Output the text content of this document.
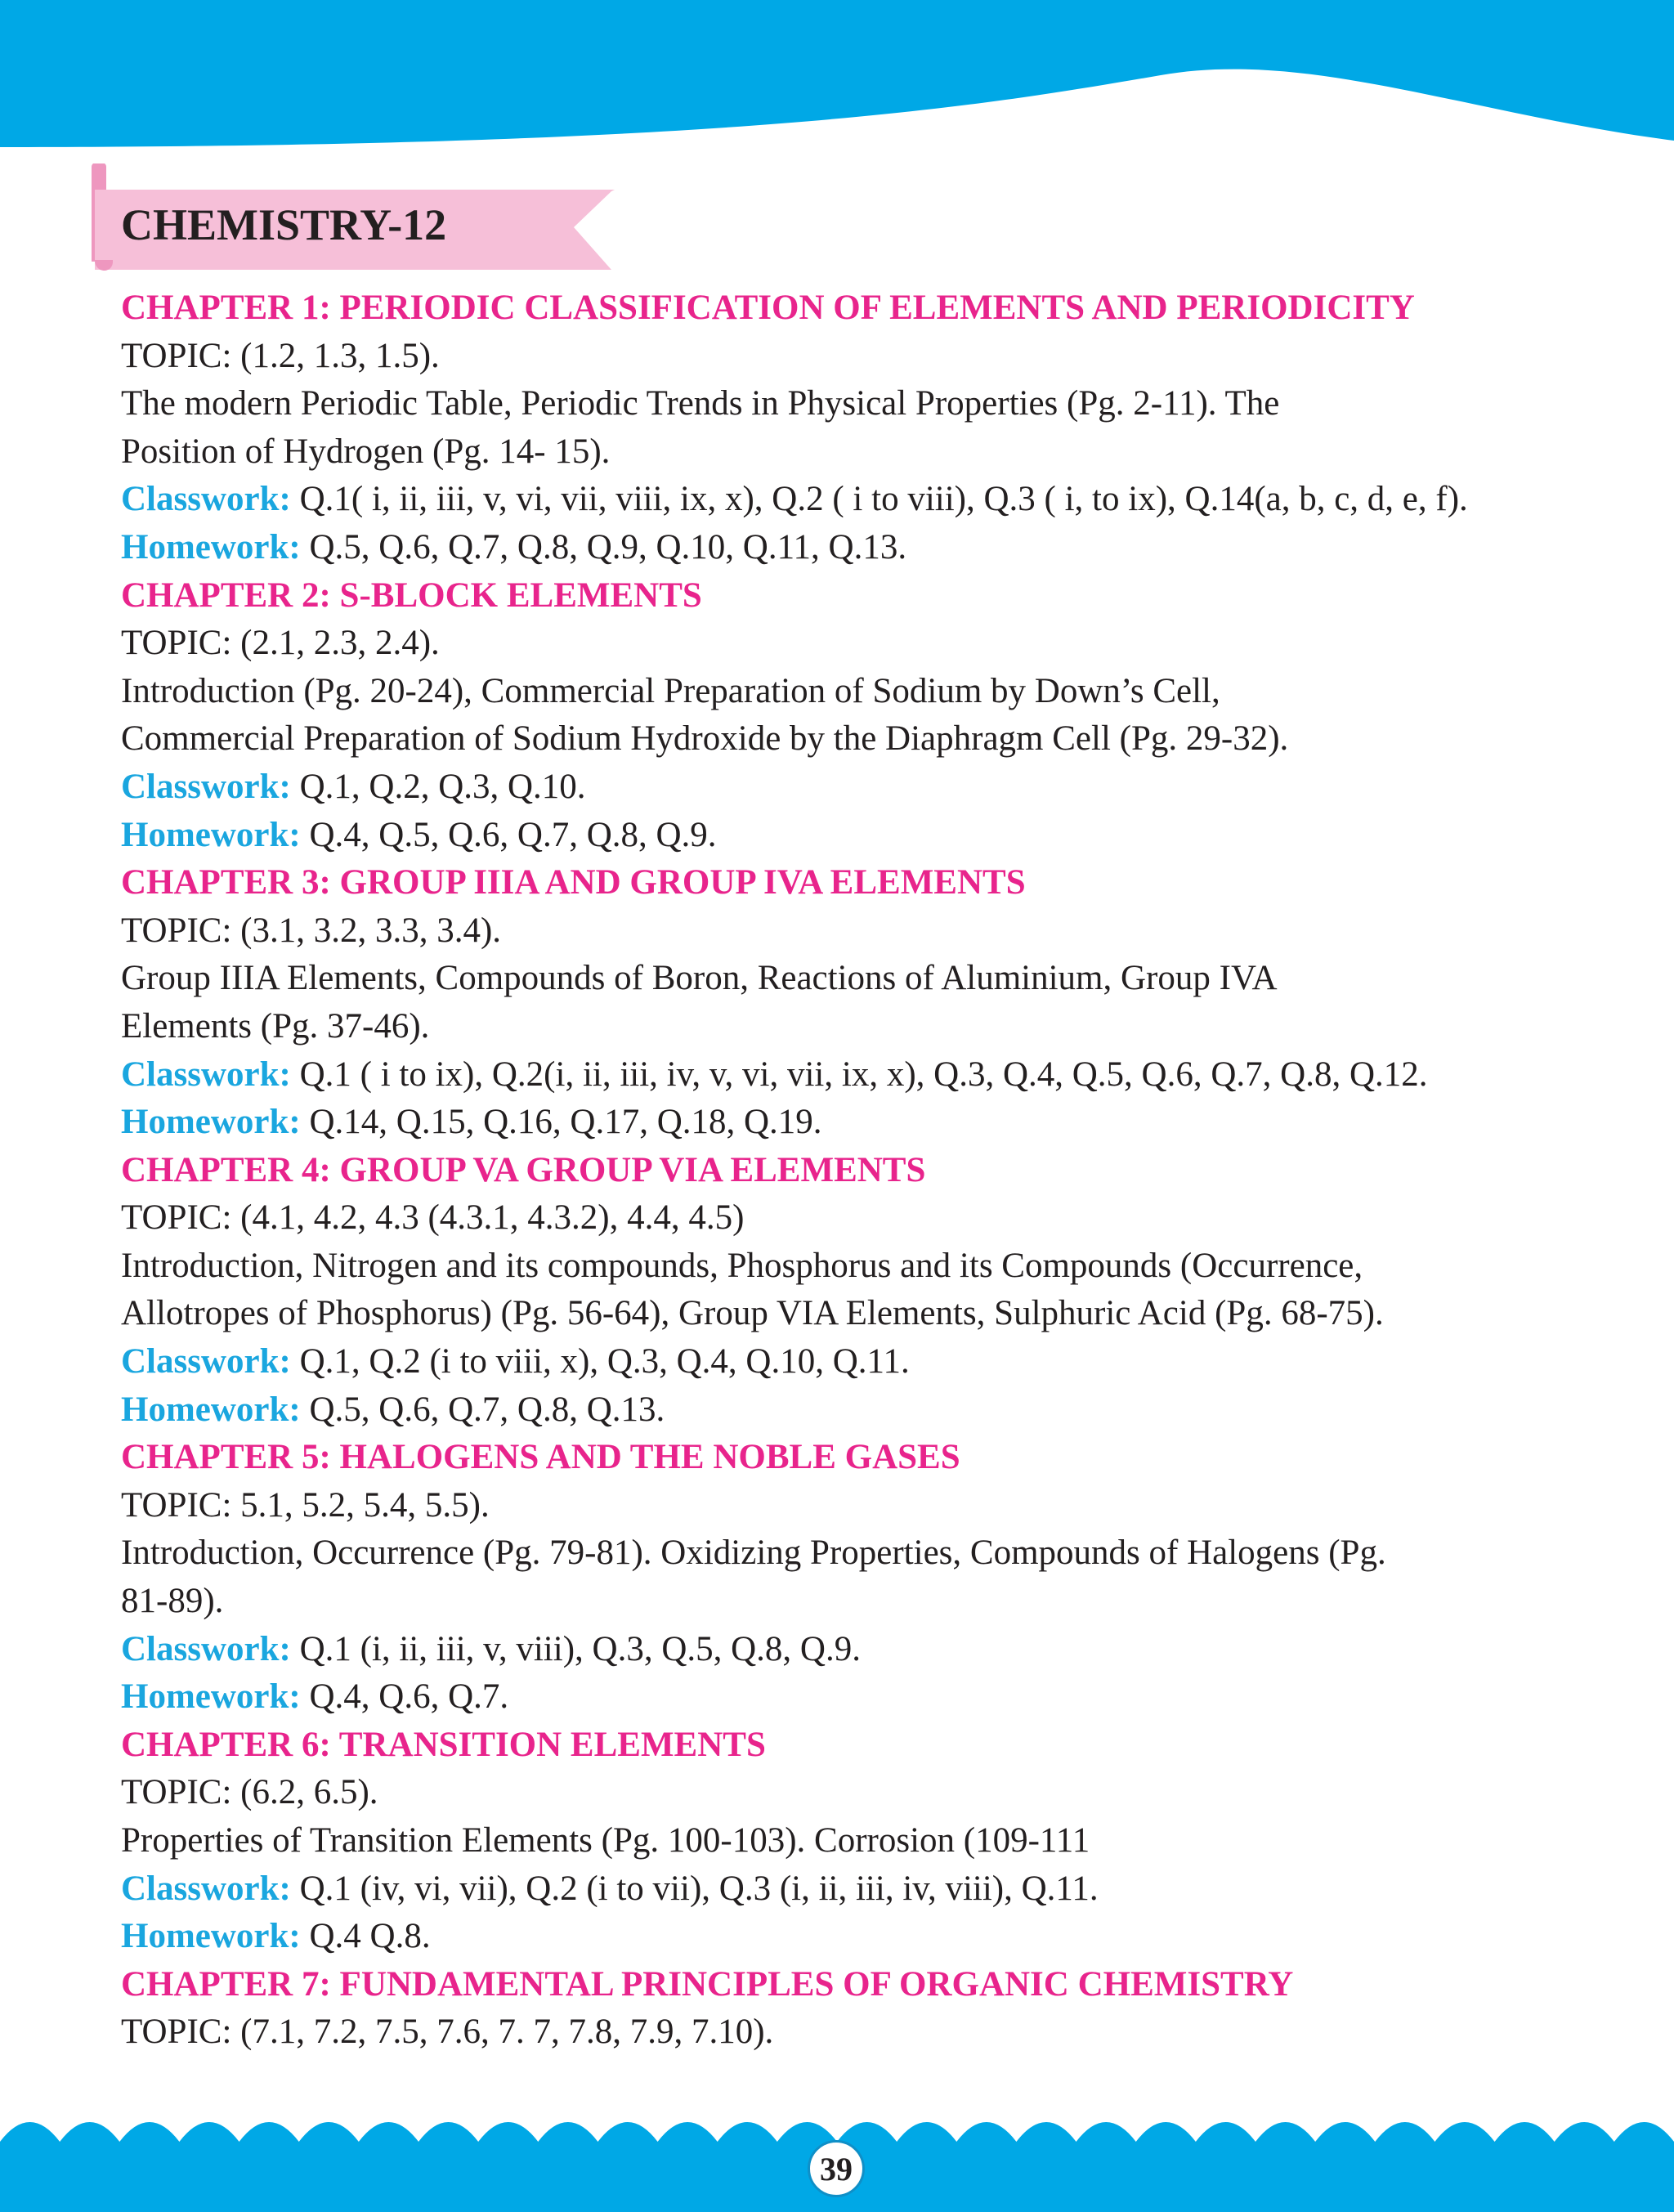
CHEMISTRY-12
CHAPTER 1: PERIODIC CLASSIFICATION OF ELEMENTS AND PERIODICITY
TOPIC: (1.2, 1.3, 1.5).
The modern Periodic Table, Periodic Trends in Physical Properties (Pg. 2-11). The
Position of Hydrogen (Pg. 14- 15).
Classwork: Q.1( i, ii, iii, v, vi, vii, viii, ix, x), Q.2 ( i to viii), Q.3 ( i, to ix), Q.14(a, b, c, d, e, f).
Homework: Q.5, Q.6, Q.7, Q.8, Q.9, Q.10, Q.11, Q.13.
CHAPTER 2: S-BLOCK ELEMENTS
TOPIC: (2.1, 2.3, 2.4).
Introduction (Pg. 20-24), Commercial Preparation of Sodium by Down’s Cell,
Commercial Preparation of Sodium Hydroxide by the Diaphragm Cell (Pg. 29-32).
Classwork: Q.1, Q.2, Q.3, Q.10.
Homework: Q.4, Q.5, Q.6, Q.7, Q.8, Q.9.
CHAPTER 3: GROUP IIIA AND GROUP IVA ELEMENTS
TOPIC: (3.1, 3.2, 3.3, 3.4).
Group IIIA Elements, Compounds of Boron, Reactions of Aluminium, Group IVA
Elements (Pg. 37-46).
Classwork: Q.1 ( i to ix), Q.2(i, ii, iii, iv, v, vi, vii, ix, x), Q.3, Q.4, Q.5, Q.6, Q.7, Q.8, Q.12.
Homework: Q.14, Q.15, Q.16, Q.17, Q.18, Q.19.
CHAPTER 4: GROUP VA GROUP VIA ELEMENTS
TOPIC: (4.1, 4.2, 4.3 (4.3.1, 4.3.2), 4.4, 4.5)
Introduction, Nitrogen and its compounds, Phosphorus and its Compounds (Occurrence,
Allotropes of Phosphorus) (Pg. 56-64), Group VIA Elements, Sulphuric Acid (Pg. 68-75).
Classwork: Q.1, Q.2 (i to viii, x), Q.3, Q.4, Q.10, Q.11.
Homework: Q.5, Q.6, Q.7, Q.8, Q.13.
CHAPTER 5: HALOGENS AND THE NOBLE GASES
TOPIC: 5.1, 5.2, 5.4, 5.5).
Introduction, Occurrence (Pg. 79-81). Oxidizing Properties, Compounds of Halogens (Pg.
81-89).
Classwork: Q.1 (i, ii, iii, v, viii), Q.3, Q.5, Q.8, Q.9.
Homework: Q.4, Q.6, Q.7.
CHAPTER 6: TRANSITION ELEMENTS
TOPIC: (6.2, 6.5).
Properties of Transition Elements (Pg. 100-103). Corrosion (109-111
Classwork: Q.1 (iv, vi, vii), Q.2 (i to vii), Q.3 (i, ii, iii, iv, viii), Q.11.
Homework: Q.4 Q.8.
CHAPTER 7: FUNDAMENTAL PRINCIPLES OF ORGANIC CHEMISTRY
TOPIC: (7.1, 7.2, 7.5, 7.6, 7. 7, 7.8, 7.9, 7.10).
39
